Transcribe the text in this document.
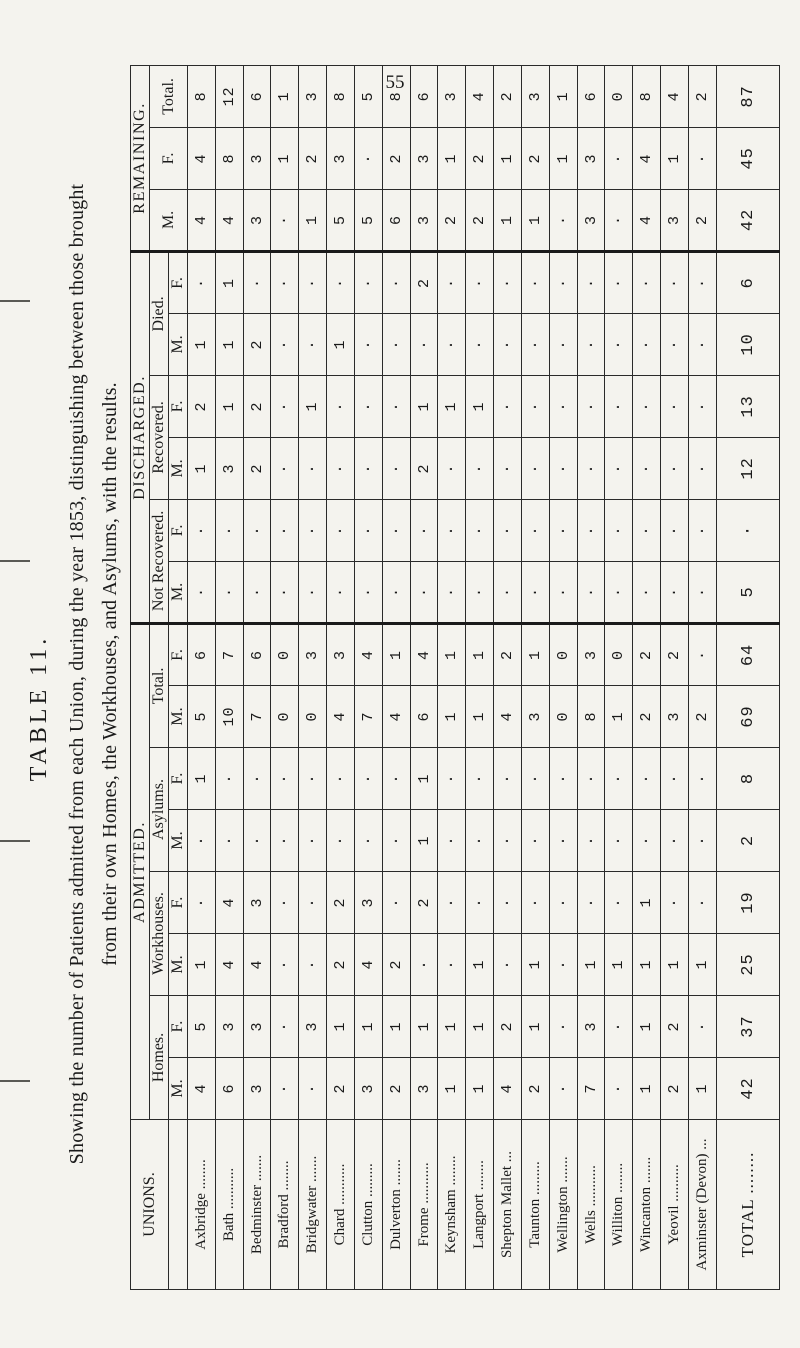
55
TABLE 11. Showing the number of Patients admitted from each Union, during the year 1853, distinguishing between those brought from their own Homes, the Workhouses, and Asylums, with the results.
UNIONS.	ADMITTED.								DISCHARGED.						REMAINING.		
	Homes.		Workhouses.		Asylums.		Total.		Not Recovered.		Recovered.		Died.		M.	F.	Total.
	M.	F.	M.	F.	M.	F.	M.	F.	M.	F.	M.	F.	M.	F.			
Axbridge ........	4	5	1	·	·	1	5	6	·	·	1	2	1	·	4	4	8
Bath ...........	6	3	4	4	·	·	10	7	·	·	3	1	1	1	4	8	12
Bedminster .......	3	3	4	3	·	·	7	6	·	·	2	2	2	·	3	3	6
Bradford ........	·	·	·	·	·	·	0	0	·	·	·	·	·	·	·	1	1
Bridgwater .......	·	3	·	·	·	·	0	3	·	·	·	1	·	·	1	2	3
Chard ...........	2	1	2	2	·	·	4	3	·	·	·	·	1	·	5	3	8
Clutton .........	3	1	4	3	·	·	7	4	·	·	·	·	·	·	5	·	5
Dulverton .......	2	1	2	·	·	·	4	1	·	·	·	·	·	·	6	2	8
Frome ...........	3	1	·	2	1	1	6	4	·	·	2	1	·	2	3	3	6
Keynsham ........	1	1	·	·	·	·	1	1	·	·	·	1	·	·	2	1	3
Langport ........	1	1	1	·	·	·	1	1	·	·	·	1	·	·	2	2	4
Shepton Mallet ...	4	2	·	·	·	·	4	2	·	·	·	·	·	·	1	1	2
Taunton .........	2	1	1	·	·	·	3	1	·	·	·	·	·	·	1	2	3
Wellington .......	·	·	·	·	·	·	0	0	·	·	·	·	·	·	·	1	1
Wells ...........	7	3	1	·	·	·	8	3	·	·	·	·	·	·	3	3	6
Williton ........	·	·	1	·	·	·	1	0	·	·	·	·	·	·	·	·	0
Wincanton .......	1	1	1	1	·	·	2	2	·	·	·	·	·	·	4	4	8
Yeovil ..........	2	2	1	·	·	·	3	2	·	·	·	·	·	·	3	1	4
Axminster (Devon) ...	1	·	1	·	·	·	2	·	·	·	·	·	·	·	2	·	2
TOTAL ........	42	37	25	19	2	8	69	64	5	·	12	13	10	6	42	45	87
